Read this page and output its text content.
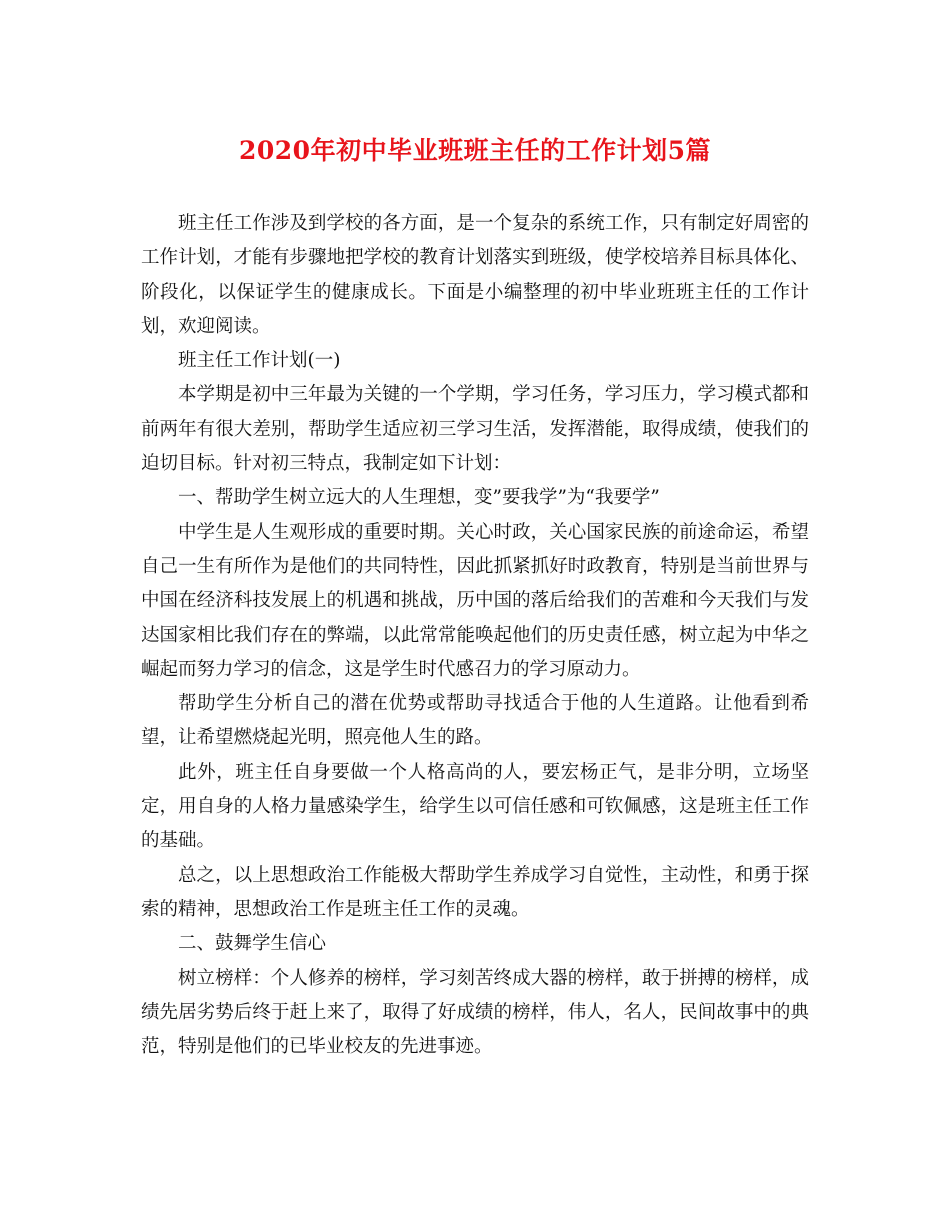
2020年初中毕业班班主任的工作计划5篇

班主任工作涉及到学校的各方面，是一个复杂的系统工作，只有制定好周密的工作计划，才能有步骤地把学校的教育计划落实到班级，使学校培养目标具体化、阶段化，以保证学生的健康成长。下面是小编整理的初中毕业班班主任的工作计划，欢迎阅读。

班主任工作计划(一)

本学期是初中三年最为关键的一个学期，学习任务，学习压力，学习模式都和前两年有很大差别，帮助学生适应初三学习生活，发挥潜能，取得成绩，使我们的迫切目标。针对初三特点，我制定如下计划：

一、帮助学生树立远大的人生理想，变”要我学”为“我要学”

中学生是人生观形成的重要时期。关心时政，关心国家民族的前途命运，希望自己一生有所作为是他们的共同特性，因此抓紧抓好时政教育，特别是当前世界与中国在经济科技发展上的机遇和挑战，历中国的落后给我们的苦难和今天我们与发达国家相比我们存在的弊端，以此常常能唤起他们的历史责任感，树立起为中华之崛起而努力学习的信念，这是学生时代感召力的学习原动力。

帮助学生分析自己的潜在优势或帮助寻找适合于他的人生道路。让他看到希望，让希望燃烧起光明，照亮他人生的路。

此外，班主任自身要做一个人格高尚的人，要宏杨正气，是非分明，立场坚定，用自身的人格力量感染学生，给学生以可信任感和可钦佩感，这是班主任工作的基础。

总之，以上思想政治工作能极大帮助学生养成学习自觉性，主动性，和勇于探索的精神，思想政治工作是班主任工作的灵魂。

二、鼓舞学生信心

树立榜样：个人修养的榜样，学习刻苦终成大器的榜样，敢于拼搏的榜样，成绩先居劣势后终于赶上来了，取得了好成绩的榜样，伟人，名人，民间故事中的典范，特别是他们的已毕业校友的先进事迹。
